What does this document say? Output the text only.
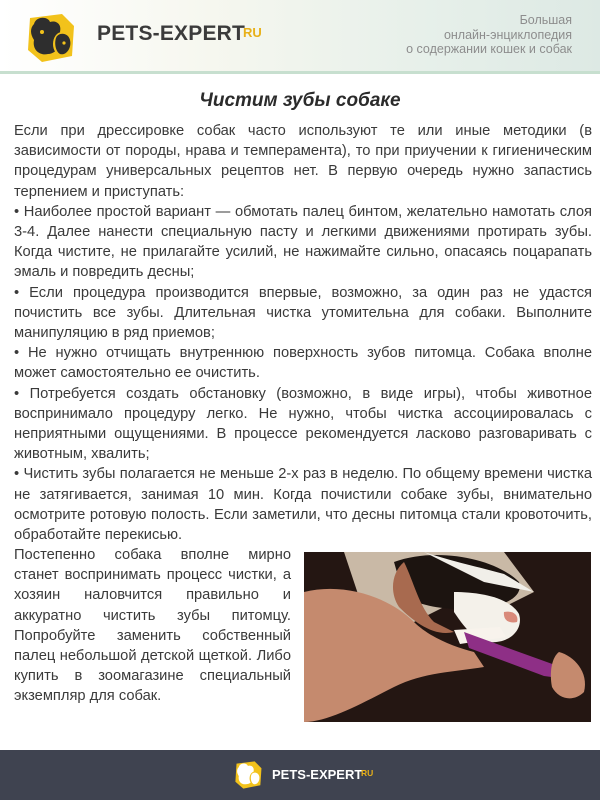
PETS-EXPERT
RU
Большая
онлайн-энциклопедия
о содержании кошек и собак
Чистим зубы собаке

Если при дрессировке собак часто используют те или иные методики (в зависимости от породы, нрава и темперамента), то при приучении к гигиеническим процедурам универсальных рецептов нет. В первую очередь нужно запастись терпением и приступать:

• Наиболее простой вариант — обмотать палец бинтом, желательно намотать слоя 3-4. Далее нанести специальную пасту и легкими движениями протирать зубы. Когда чистите, не прилагайте усилий, не нажимайте сильно, опасаясь поцарапать эмаль и повредить десны;

• Если процедура производится впервые, возможно, за один раз не удастся почистить все зубы. Длительная чистка утомительна для собаки. Выполните манипуляцию в ряд приемов;

• Не нужно отчищать внутреннюю поверхность зубов питомца. Собака вполне может самостоятельно ее очистить.

• Потребуется создать обстановку (возможно, в виде игры), чтобы животное воспринимало процедуру легко. Не нужно, чтобы чистка ассоциировалась с неприятными ощущениями. В процессе рекомендуется ласково разговаривать с животным, хвалить;

• Чистить зубы полагается не меньше 2-х раз в неделю. По общему времени чистка не затягивается, занимая 10 мин. Когда почистили собаке зубы, внимательно осмотрите ротовую полость. Если заметили, что десны питомца стали кровоточить, обработайте перекисью.

Постепенно собака вполне мирно станет воспринимать процесс чистки, а хозяин наловчится правильно и аккуратно чистить зубы питомцу. Попробуйте заменить собственный палец небольшой детской щеткой. Либо купить в зоомагазине специальный экземпляр для собак.
PETS-EXPERT
RU
